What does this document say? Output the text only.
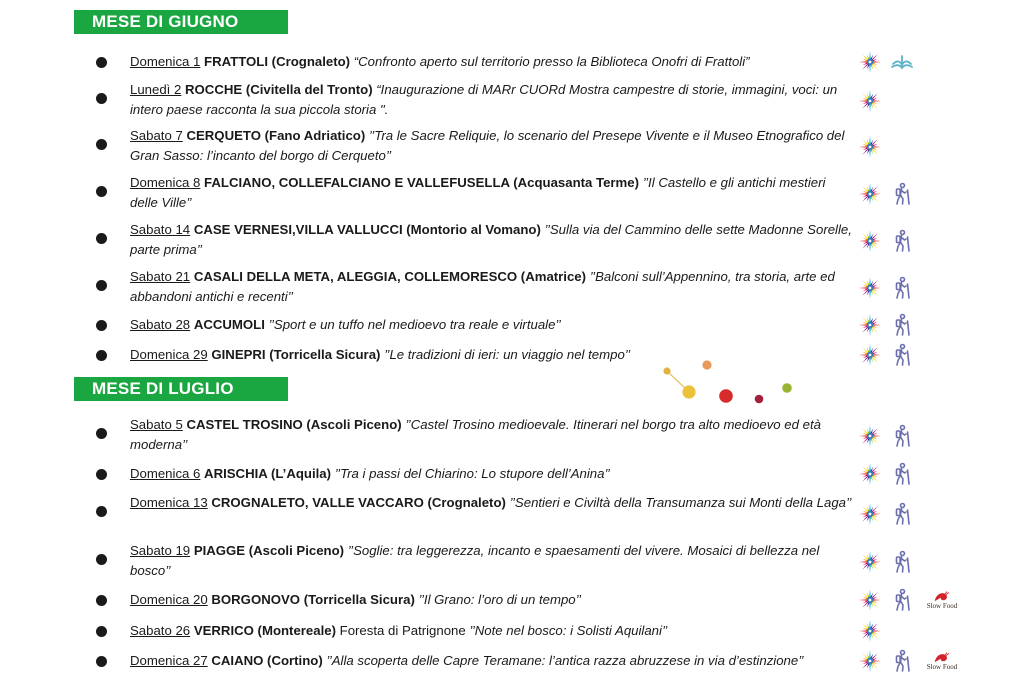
MESE DI GIUGNO
Domenica 1 FRATTOLI (Crognaleto) “Confronto aperto sul territorio presso la Biblioteca Onofri di Frattoli”
Lunedì 2 ROCCHE (Civitella del Tronto) “Inaugurazione di MARr CUORd Mostra campestre di storie, immagini, voci: un intero paese racconta la sua piccola storia ".
Sabato 7 CERQUETO (Fano Adriatico) ’’Tra le Sacre Reliquie, lo scenario del Presepe Vivente e il Museo Etnografico del Gran Sasso: l’incanto del borgo di Cerqueto’’
Domenica 8 FALCIANO, COLLEFALCIANO E VALLEFUSELLA (Acquasanta Terme) ’’Il Castello e gli antichi mestieri delle Ville’’
Sabato 14 CASE VERNESI,VILLA VALLUCCI (Montorio al Vomano) ’’Sulla via del Cammino delle sette Madonne Sorelle, parte prima’’
Sabato 21 CASALI DELLA META, ALEGGIA, COLLEMORESCO (Amatrice) ’’Balconi sull’Appennino, tra storia, arte ed abbandoni antichi e recenti’’
Sabato 28 ACCUMOLI ’’Sport e un tuffo nel medioevo tra reale e virtuale’’
Domenica 29 GINEPRI (Torricella Sicura) ’’Le tradizioni di ieri: un viaggio nel tempo’’
MESE DI LUGLIO
Sabato 5 CASTEL TROSINO (Ascoli Piceno) ’’Castel Trosino medioevale. Itinerari nel borgo tra alto medioevo ed età moderna’’
Domenica 6 ARISCHIA (L’Aquila) ’’Tra i passi del Chiarino: Lo stupore dell’Anina’’
Domenica 13 CROGNALETO, VALLE VACCARO (Crognaleto) ’’Sentieri e Civiltà della Transumanza sui Monti della Laga’’
Sabato 19 PIAGGE (Ascoli Piceno) ’’Soglie: tra leggerezza, incanto e spaesamenti del vivere. Mosaici di bellezza nel bosco’’
Domenica 20 BORGONOVO (Torricella Sicura) ’’Il Grano: l’oro di un tempo’’	Slow Food
Sabato 26 VERRICO (Montereale) Foresta di Patrignone ’’Note nel bosco: i Solisti Aquilani’’
Domenica 27 CAIANO (Cortino) ’’Alla scoperta delle Capre Teramane: l’antica razza abruzzese in via d’estinzione’’	Slow Food
